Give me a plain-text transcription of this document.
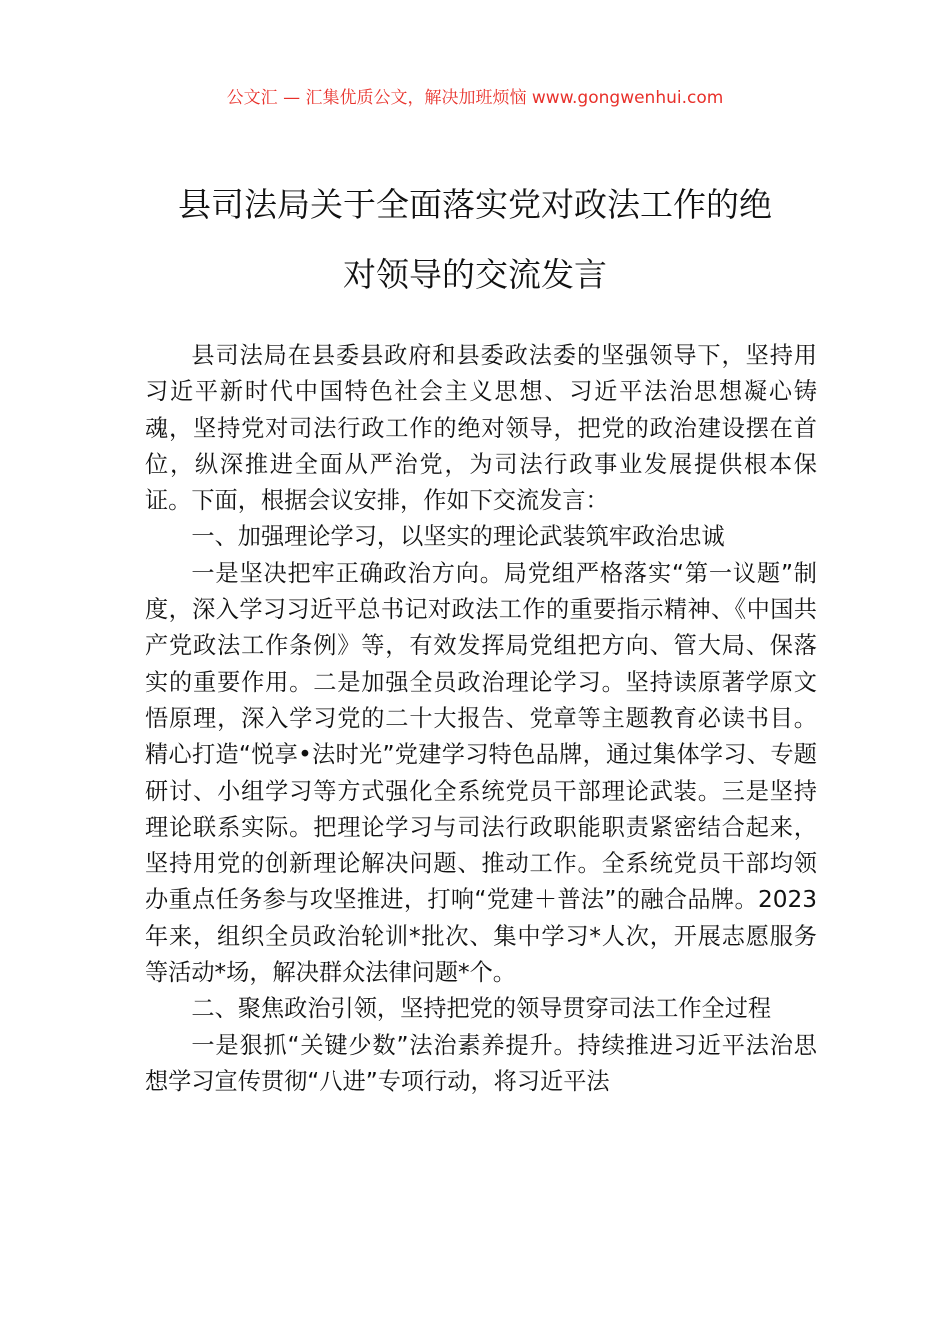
公文汇 — 汇集优质公文，解决加班烦恼 www.gongwenhui.com
县司法局关于全面落实党对政法工作的绝
对领导的交流发言

县司法局在县委县政府和县委政法委的坚强领导下，坚持用习近平新时代中国特色社会主义思想、习近平法治思想凝心铸魂，坚持党对司法行政工作的绝对领导，把党的政治建设摆在首位，纵深推进全面从严治党，为司法行政事业发展提供根本保证。下面，根据会议安排，作如下交流发言：

一、加强理论学习，以坚实的理论武装筑牢政治忠诚

一是坚决把牢正确政治方向。局党组严格落实“第一议题”制度，深入学习习近平总书记对政法工作的重要指示精神、《中国共产党政法工作条例》等，有效发挥局党组把方向、管大局、保落实的重要作用。二是加强全员政治理论学习。坚持读原著学原文悟原理，深入学习党的二十大报告、党章等主题教育必读书目。精心打造“悦享•法时光”党建学习特色品牌，通过集体学习、专题研讨、小组学习等方式强化全系统党员干部理论武装。三是坚持理论联系实际。把理论学习与司法行政职能职责紧密结合起来，坚持用党的创新理论解决问题、推动工作。全系统党员干部均领办重点任务参与攻坚推进，打响“党建＋普法”的融合品牌。2023年来，组织全员政治轮训*批次、集中学习*人次，开展志愿服务等活动*场，解决群众法律问题*个。

二、聚焦政治引领，坚持把党的领导贯穿司法工作全过程

一是狠抓“关键少数”法治素养提升。持续推进习近平法治思想学习宣传贯彻“八进”专项行动，将习近平法
